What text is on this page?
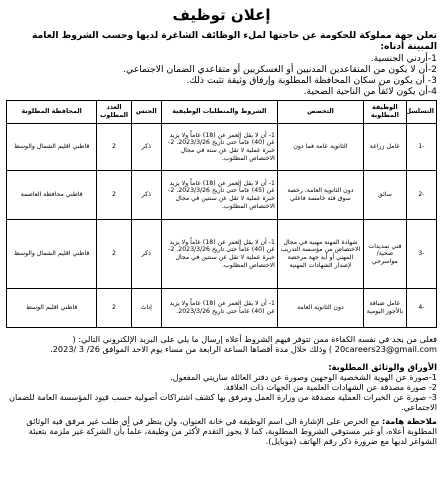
إعلان توظيف
تعلن جهة مملوكة للحكومة عن حاجتها لملء الوظائف الشاغرة لديها وحسب الشروط العامة المبينة أدناه:
1-أردني الجنسية.
2-أن لا يكون من المتقاعدين المدنيين أو العسكريين أو متقاعدي الضمان الاجتماعي.
3- أن يكون من سكان المحافظة المطلوبة وإرفاق وثيقة تثبت ذلك.
4-أن يكون لائقاً من الناحية الصحية.
التسلسل	الوظيفة المطلوبة	التخصص	الشروط والمتطلبات الوظيفية	الجنس	العدد المطلوب	المحافظة المطلوبة
-1	عامل زراعة	الثانوية عامة فما دون	1- أن لا يقل العمر عن (18) عاماً ولا يزيد عن (40) عاماً حتى تاريخ 2023/3/26. 2- خبرة عملية لا تقل عن سنة في مجال الاختصاص المطلوب.	ذكر	2	قاطني اقليم الشمال والوسط
-2	سائق	دون الثانوية العامة، رخصة سوق فئة خامسة فاعلي	1- أن لا يقل العمر عن (18) عاماً ولا يزيد عن (45) عاماً حتى تاريخ 2023/3/26. 2- خبرة عملية لا تقل عن سنتين في مجال الاختصاص المطلوب.	ذكر	2	قاطني محافظة العاصمة
-3	فني تمديدات صحية/ مواسرجي	شهادة المهنة مهنية في مجال الاختصاص من مؤسسة التدريب المهني أو أية جهة مرخصة لإصدار الشهادات المهنية	1- أن لا يقل العمر عن (18) عاماً ولا يزيد عن (40) عاماً حتى تاريخ 2023/3/26. 2- خبرة عملية لا تقل عن سنتين في مجال الاختصاص المطلوب.	ذكر	2	قاطني اقليم الشمال والوسط
-4	عامل ضيافة بالأجور اليومية	دون الثانوية العامة	1- أن لا يقل العمر عن (18) عاماً ولا يزيد عن (40) عاماً حتى تاريخ 2023/3/26.	إناث	2	قاطني اقليم الوسط
فعلى من يجد في نفسه الكفاءة ممن تتوفر فيهم الشروط أعلاه إرسال ما يلي على البريد الإلكتروني التالي: ( 20careers23@gmail.com ) وذلك خلال مدة أقصاها الساعة الرابعة من مساء يوم الاحد الموافق 26/ 3 /2023.
الأوراق والوثائق المطلوبة:
1-صورة عن الهوية الشخصية الوجهين وصورة عن دفتر العائلة ساريتي المفعول.
2- صورة مصدقة عن الشهادات العلمية من الجهات ذات العلاقة.
3- صورة عن الخبرات العملية مصدقة من وزارة العمل ومرفق بها كشف اشتراكات أصولية حسب قيود المؤسسة العامة للضمان الاجتماعي.
ملاحظة هامة: مع الحرص على الإشارة الى اسم الوظيفة في خانة العنوان، ولن ينظر في أي طلب غير مرفق فيه الوثائق المطلوبة أعلاه، أو غير مستوفي الشروط المطلوبة، كما لا يجوز التقدم لأكثر من وظيفة، علماً بأن الشركة غير ملزمة بتعبئة الشواغر لديها مع ضرورة ذكر رقم الهاتف (موبايل).
